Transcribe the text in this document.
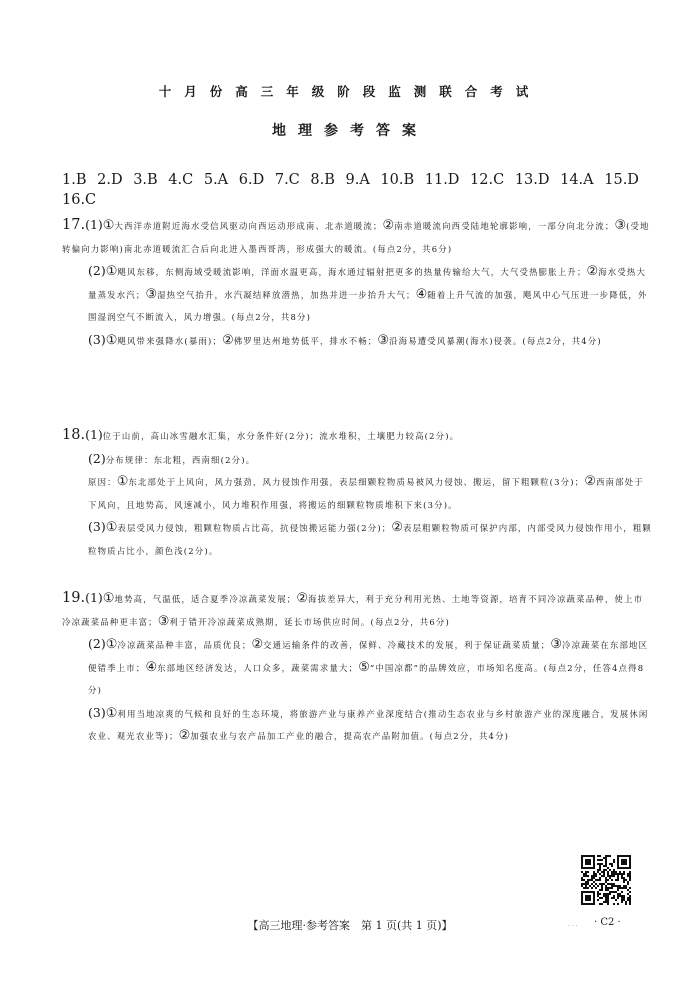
十月份高三年级阶段监测联合考试
地理参考答案
1.B 2.D 3.B 4.C 5.A 6.D 7.C 8.B 9.A 10.B 11.D 12.C 13.D 14.A 15.D 16.C

17.(1)①大西洋赤道附近海水受信风驱动向西运动形成南、北赤道暖流；②南赤道暖流向西受陆地轮廓影响，一部分向北分流；③(受地转偏向力影响)南北赤道暖流汇合后向北进入墨西哥湾，形成强大的暖流。(每点2分，共6分)

(2)①飓风东移，东侧海域受暖流影响，洋面水温更高，海水通过辐射把更多的热量传输给大气，大气受热膨胀上升；②海水受热大量蒸发水汽；③湿热空气抬升，水汽凝结释放潜热，加热并进一步抬升大气；④随着上升气流的加强，飓风中心气压进一步降低，外围湿润空气不断流入，风力增强。(每点2分，共8分)

(3)①飓风带来强降水(暴雨)；②佛罗里达州地势低平，排水不畅；③沿海易遭受风暴潮(海水)侵袭。(每点2分，共4分)

18.(1)位于山前，高山冰雪融水汇集，水分条件好(2分)；流水堆积，土壤肥力较高(2分)。

(2)分布规律：东北粗，西南细(2分)。

原因：①东北部处于上风向，风力强劲，风力侵蚀作用强，表层细颗粒物质易被风力侵蚀、搬运，留下粗颗粒(3分)；②西南部处于下风向，且地势高，风速减小，风力堆积作用强，将搬运的细颗粒物质堆积下来(3分)。

(3)①表层受风力侵蚀，粗颗粒物质占比高，抗侵蚀搬运能力强(2分)；②表层粗颗粒物质可保护内部，内部受风力侵蚀作用小，粗颗粒物质占比小，颜色浅(2分)。

19.(1)①地势高，气温低，适合夏季冷凉蔬菜发展；②海拔差异大，利于充分利用光热、土地等资源，培育不同冷凉蔬菜品种，使上市冷凉蔬菜品种更丰富；③利于错开冷凉蔬菜成熟期，延长市场供应时间。(每点2分，共6分)

(2)①冷凉蔬菜品种丰富，品质优良；②交通运输条件的改善，保鲜、冷藏技术的发展，利于保证蔬菜质量；③冷凉蔬菜在东部地区便错季上市；④东部地区经济发达，人口众多，蔬菜需求量大；⑤“中国凉都”的品牌效应，市场知名度高。(每点2分，任答4点得8分)

(3)①利用当地凉爽的气候和良好的生态环境，将旅游产业与康养产业深度结合(推动生态农业与乡村旅游产业的深度融合，发展休闲农业、观光农业等)；②加强农业与农产品加工产业的融合，提高农产品附加值。(每点2分，共4分)

. . .
【高三地理·参考答案　第 1 页(共 1 页)】	· C2 ·
